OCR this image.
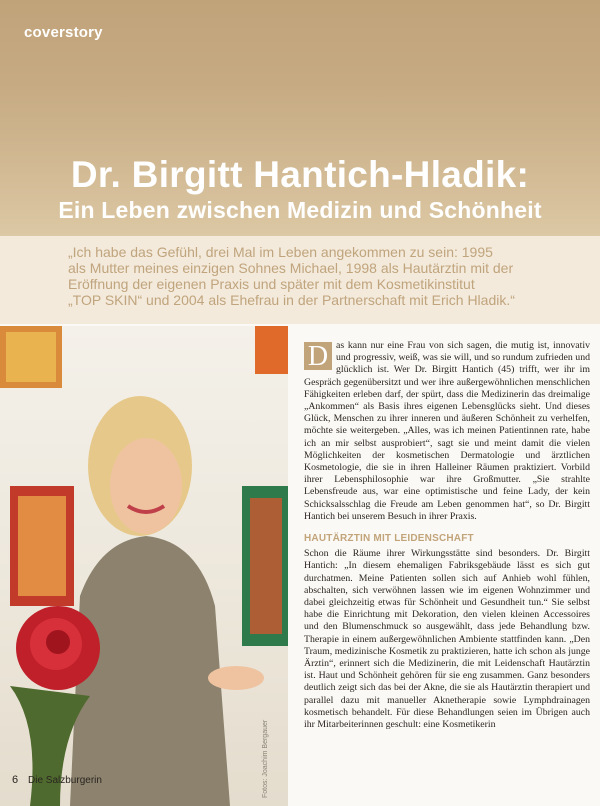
coverstory
Dr. Birgitt Hantich-Hladik:
Ein Leben zwischen Medizin und Schönheit
„Ich habe das Gefühl, drei Mal im Leben angekommen zu sein: 1995
als Mutter meines einzigen Sohnes Michael, 1998 als Hautärztin mit der
Eröffnung der eigenen Praxis und später mit dem Kosmetikinstitut
„TOP SKIN“ und 2004 als Ehefrau in der Partnerschaft mit Erich Hladik.“
Fotos: Joachim Bergauer
D as kann nur eine Frau von sich sagen, die mutig ist, innovativ und progressiv, weiß, was sie will, und so rundum zufrieden und glücklich ist. Wer Dr. Birgitt Hantich (45) trifft, wer ihr im Gespräch gegenübersitzt und wer ihre außergewöhnlichen menschlichen Fähigkeiten erleben darf, der spürt, dass die Medizinerin das dreimalige „Ankommen“ als Basis ihres eigenen Lebensglücks sieht. Und dieses Glück, Menschen zu ihrer inneren und äußeren Schönheit zu verhelfen, möchte sie weitergeben. „Alles, was ich meinen Patientinnen rate, habe ich an mir selbst ausprobiert“, sagt sie und meint damit die vielen Möglichkeiten der kosmetischen Dermatologie und ärztlichen Kosmetologie, die sie in ihren Halleiner Räumen praktiziert. Vorbild ihrer Lebensphilosophie war ihre Großmutter. „Sie strahlte Lebensfreude aus, war eine optimistische und feine Lady, der kein Schicksalsschlag die Freude am Leben genommen hat“, so Dr. Birgitt Hantich bei unserem Besuch in ihrer Praxis.

HAUTÄRZTIN MIT LEIDENSCHAFT

Schon die Räume ihrer Wirkungsstätte sind besonders. Dr. Birgitt Hantich: „In diesem ehemaligen Fabriksgebäude lässt es sich gut durchatmen. Meine Patienten sollen sich auf Anhieb wohl fühlen, abschalten, sich verwöhnen lassen wie im eigenen Wohnzimmer und dabei gleichzeitig etwas für Schönheit und Gesundheit tun.“ Sie selbst habe die Einrichtung mit Dekoration, den vielen kleinen Accessoires und den Blumenschmuck so ausgewählt, dass jede Behandlung bzw. Therapie in einem außergewöhnlichen Ambiente stattfinden kann. „Den Traum, medizinische Kosmetik zu praktizieren, hatte ich schon als junge Ärztin“, erinnert sich die Medizinerin, die mit Leidenschaft Hautärztin ist. Haut und Schönheit gehören für sie eng zusammen. Ganz besonders deutlich zeigt sich das bei der Akne, die sie als Hautärztin therapiert und parallel dazu mit manueller Aknetherapie sowie Lymphdrainagen kosmetisch behandelt. Für diese Behandlungen seien im Übrigen auch ihr Mitarbeiterinnen geschult: eine Kosmetikerin

6 Die Salzburgerin
